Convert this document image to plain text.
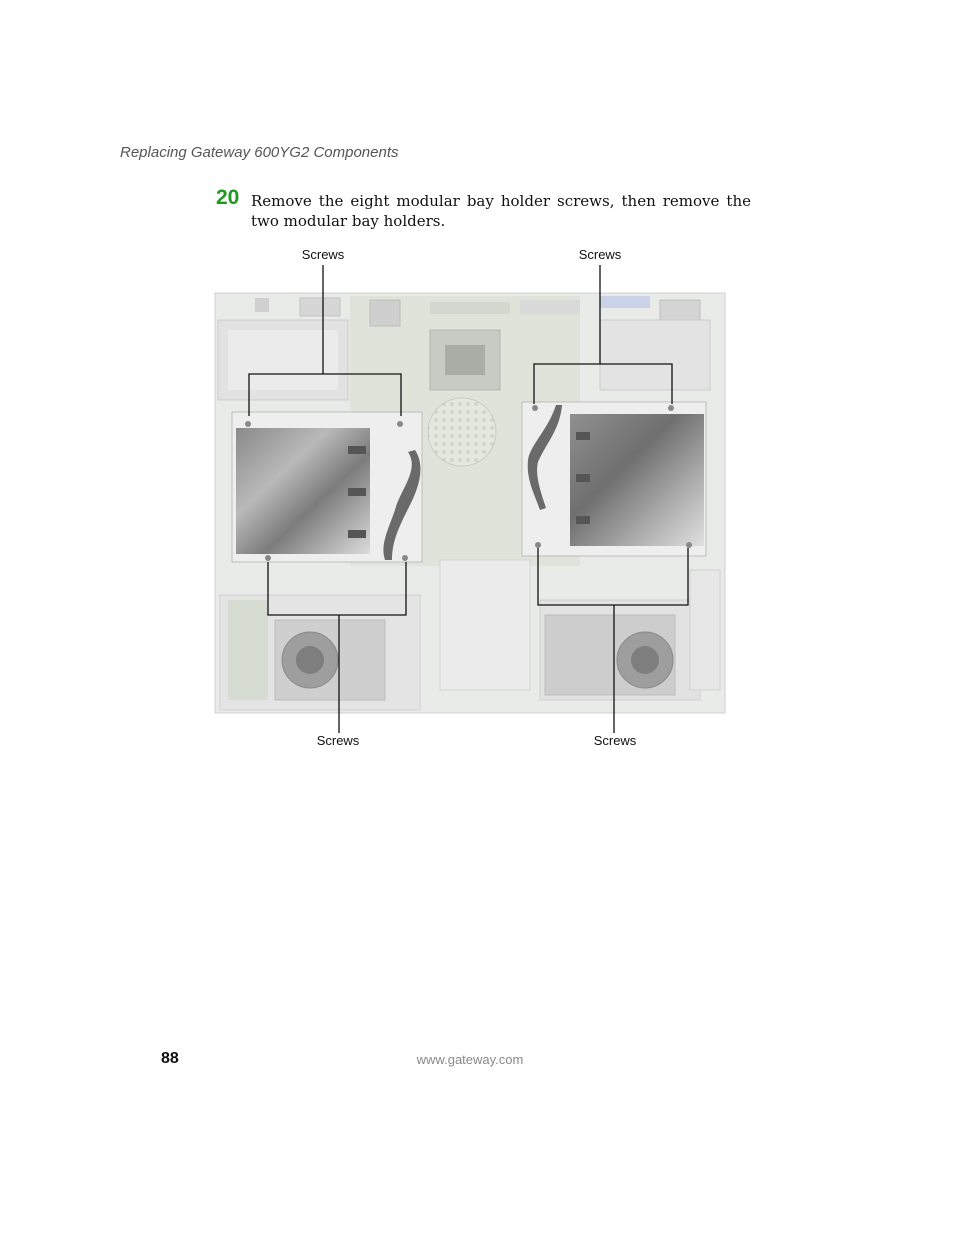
Replacing Gateway 600YG2 Components
20 Remove the eight modular bay holder screws, then remove the two modular bay holders.
Screws	Screws
Screws	Screws
88	www.gateway.com
